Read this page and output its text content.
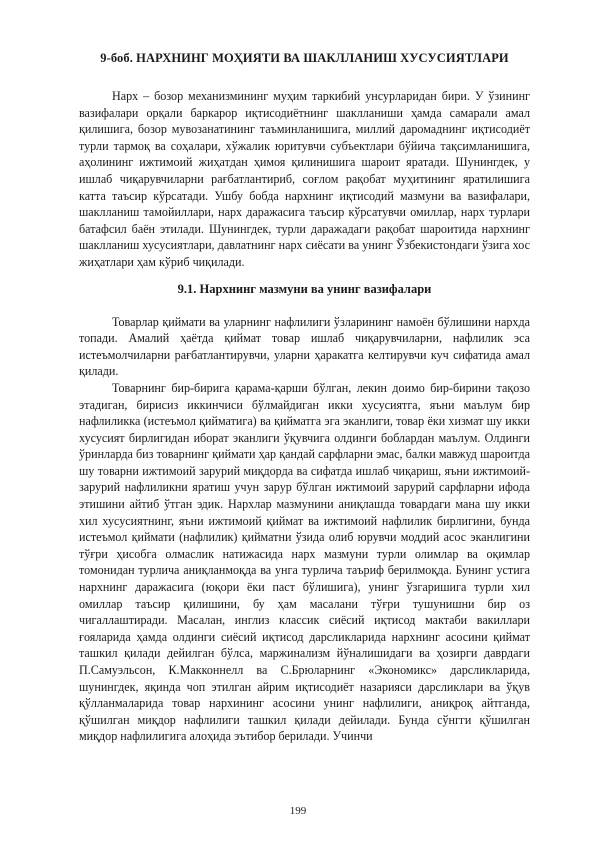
9-боб. НАРХНИНГ МОҲИЯТИ ВА ШАКЛЛАНИШ ХУСУСИЯТЛАРИ

Нарх – бозор механизмининг муҳим таркибий унсурларидан бири. У ўзининг вазифалари орқали баркарор иқтисодиётнинг шаклланиши ҳамда самарали амал қилишига, бозор мувозанатининг таъминланишига, миллий даромаднинг иқтисодиёт турли тармоқ ва соҳалари, хўжалик юритувчи субъектлари бўйича тақсимланишига, аҳолининг ижтимоий жиҳатдан ҳимоя қилинишига шароит яратади. Шунингдек, у ишлаб чиқарувчиларни рағбатлантириб, соғлом рақобат муҳитининг яратилишига катта таъсир кўрсатади. Ушбу бобда нархнинг иқтисодий мазмуни ва вазифалари, шаклланиш тамойиллари, нарх даражасига таъсир кўрсатувчи омиллар, нарх турлари батафсил баён этилади. Шунингдек, турли даражадаги рақобат шароитида нархнинг шаклланиш хусусиятлари, давлатнинг нарх сиёсати ва унинг Ўзбекистондаги ўзига хос жиҳатлари ҳам кўриб чиқилади.

9.1. Нархнинг мазмуни ва унинг вазифалари

Товарлар қиймати ва уларнинг нафлилиги ўзларининг намоён бўлишини нархда топади. Амалий ҳаётда қиймат товар ишлаб чиқарувчиларни, нафлилик эса истеъмолчиларни рағбатлантирувчи, уларни ҳаракатга келтирувчи куч сифатида амал қилади.

Товарнинг бир-бирига қарама-қарши бўлган, лекин доимо бир-бирини тақозо этадиган, бирисиз иккинчиси бўлмайдиган икки хусусиятга, яъни маълум бир нафлиликка (истеъмол қийматига) ва қийматга эга эканлиги, товар ёки хизмат шу икки хусусият бирлигидан иборат эканлиги ўқувчига олдинги боблардан маълум. Олдинги ўринларда биз товарнинг қиймати ҳар қандай сарфларни эмас, балки мавжуд шароитда шу товарни ижтимоий зарурий миқдорда ва сифатда ишлаб чиқариш, яъни ижтимоий-зарурий нафлиликни яратиш учун зарур бўлган ижтимоий зарурий сарфларни ифода этишини айтиб ўтган эдик. Нархлар мазмунини аниқлашда товардаги мана шу икки хил хусусиятнинг, яъни ижтимоий қиймат ва ижтимоий нафлилик бирлигини, бунда истеъмол қиймати (нафлилик) қийматни ўзида олиб юрувчи моддий асос эканлигини тўғри ҳисобга олмаслик натижасида нарх мазмуни турли олимлар ва оқимлар томонидан турлича аниқланмоқда ва унга турлича таъриф берилмоқда. Бунинг устига нархнинг даражасига (юқори ёки паст бўлишига), унинг ўзгаришига турли хил омиллар таъсир қилишини, бу ҳам масалани тўғри тушунишни бир оз чигаллаштиради. Масалан, инглиз классик сиёсий иқтисод мактаби вакиллари ғояларида ҳамда олдинги сиёсий иқтисод дарсликларида нархнинг асосини қиймат ташкил қилади дейилган бўлса, маржинализм йўналишидаги ва ҳозирги даврдаги П.Самуэльсон, К.Макконнелл ва С.Брюларнинг «Экономикс» дарсликларида, шунингдек, яқинда чоп этилган айрим иқтисодиёт назарияси дарсликлари ва ўқув қўлланмаларида товар нархининг асосини унинг нафлилиги, аниқроқ айтганда, қўшилган миқдор нафлилиги ташкил қилади дейилади. Бунда сўнгги қўшилган миқдор нафлилигига алоҳида эътибор берилади. Учинчи

199
